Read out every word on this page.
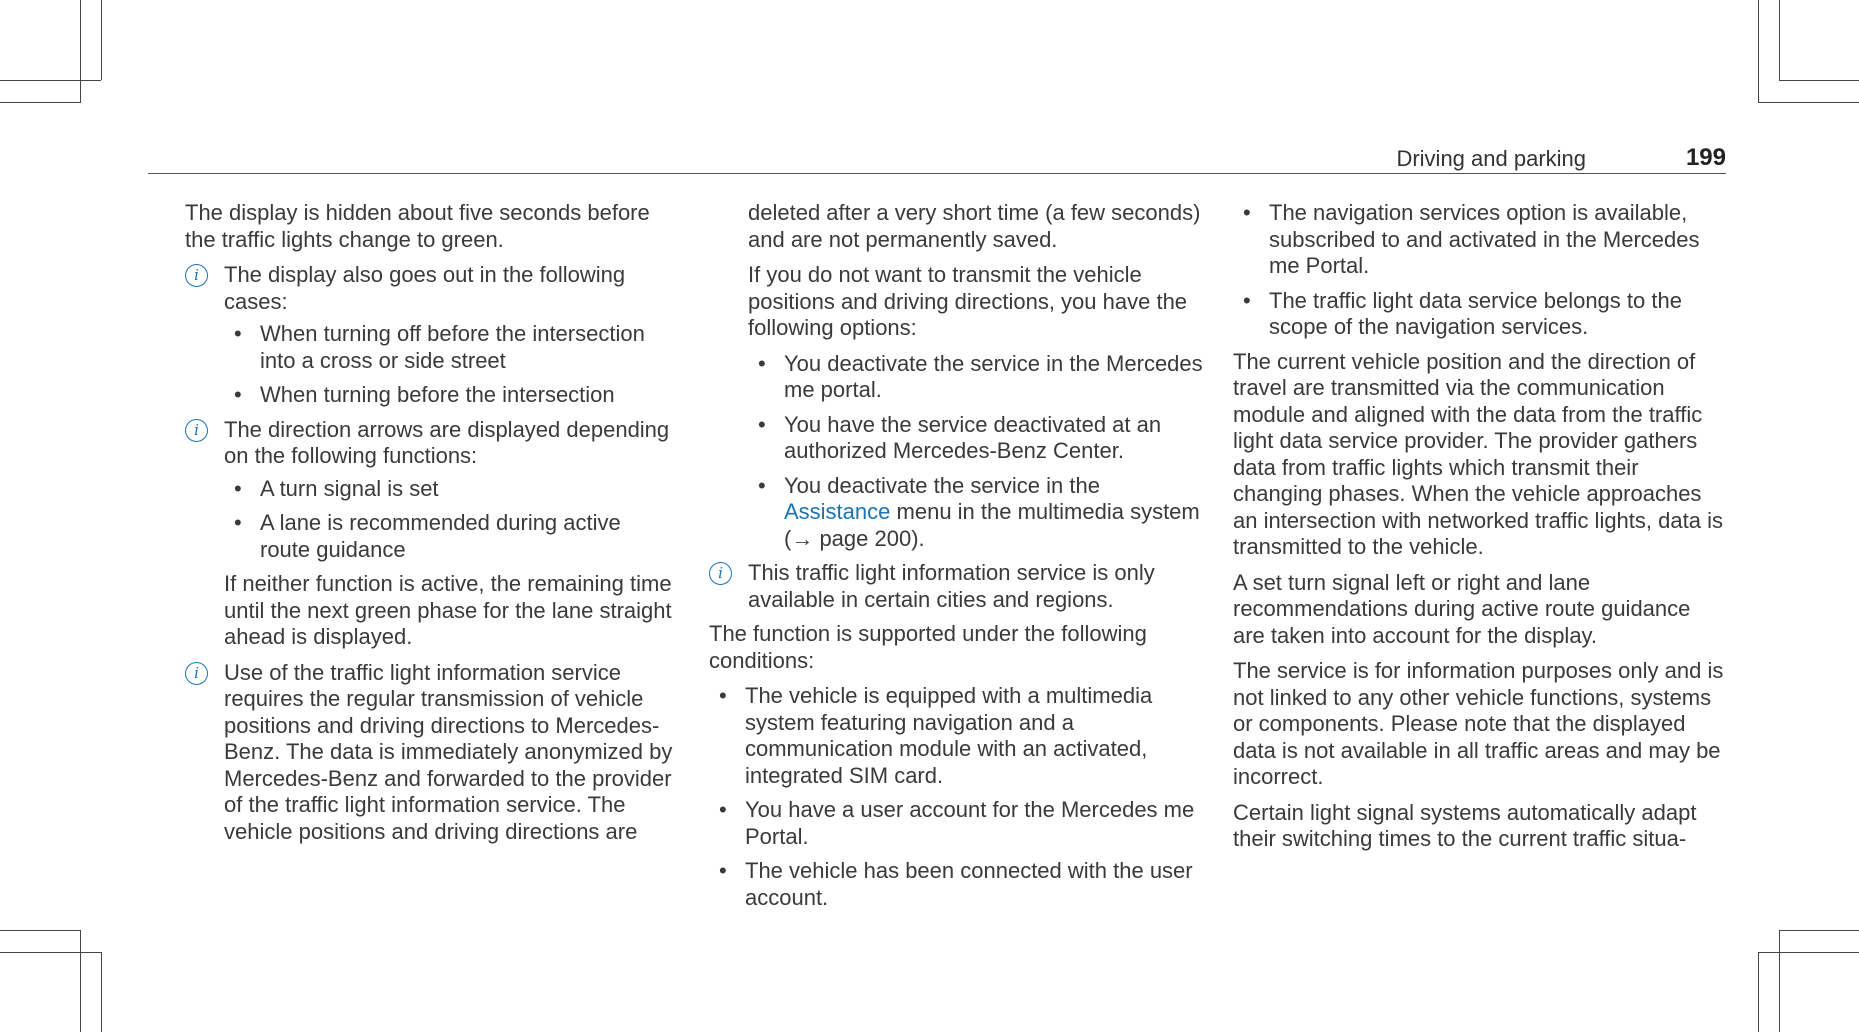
Driving and parking	199

The display is hidden about five seconds before the traffic lights change to green.

i	The display also goes out in the following cases:
• When turning off before the intersection into a cross or side street
• When turning before the intersection
i	The direction arrows are displayed depending on the following functions:
• A turn signal is set
• A lane is recommended during active route guidance

If neither function is active, the remaining time until the next green phase for the lane straight ahead is displayed.

i	Use of the traffic light information service requires the regular transmission of vehicle positions and driving directions to Mercedes-Benz. The data is immediately anonymized by Mercedes-Benz and forwarded to the provider of the traffic light information service. The vehicle positions and driving directions are

deleted after a very short time (a few seconds) and are not permanently saved.

If you do not want to transmit the vehicle positions and driving directions, you have the following options:

• You deactivate the service in the Mercedes me portal.
• You have the service deactivated at an authorized Mercedes-Benz Center.
• You deactivate the service in the Assistance menu in the multimedia system (→ page 200).
i	This traffic light information service is only available in certain cities and regions.

The function is supported under the following conditions:

• The vehicle is equipped with a multimedia system featuring navigation and a communication module with an activated, integrated SIM card.
• You have a user account for the Mercedes me Portal.
• The vehicle has been connected with the user account.
• The navigation services option is available, subscribed to and activated in the Mercedes me Portal.
• The traffic light data service belongs to the scope of the navigation services.

The current vehicle position and the direction of travel are transmitted via the communication module and aligned with the data from the traffic light data service provider. The provider gathers data from traffic lights which transmit their changing phases. When the vehicle approaches an intersection with networked traffic lights, data is transmitted to the vehicle.

A set turn signal left or right and lane recommendations during active route guidance are taken into account for the display.

The service is for information purposes only and is not linked to any other vehicle functions, systems or components. Please note that the displayed data is not available in all traffic areas and may be incorrect.

Certain light signal systems automatically adapt their switching times to the current traffic situa-
